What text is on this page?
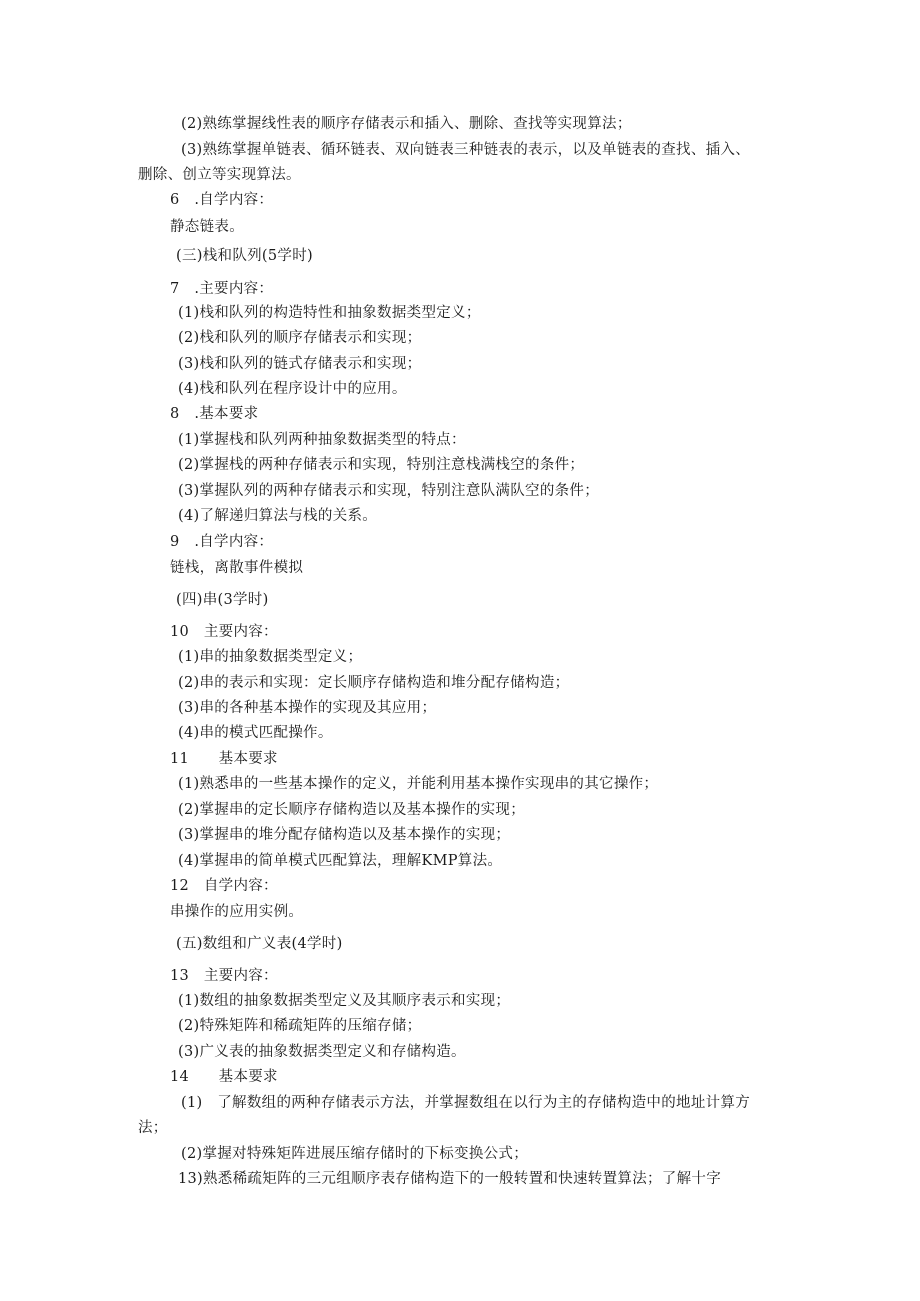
(2)熟练掌握线性表的顺序存储表示和插入、删除、查找等实现算法；
(3)熟练掌握单链表、循环链表、双向链表三种链表的表示，以及单链表的查找、插入、
删除、创立等实现算法。
6　.自学内容：
静态链表。
(三)栈和队列(5学时)
7　.主要内容：
(1)栈和队列的构造特性和抽象数据类型定义；
(2)栈和队列的顺序存储表示和实现；
(3)栈和队列的链式存储表示和实现；
(4)栈和队列在程序设计中的应用。
8　.基本要求
(1)掌握栈和队列两种抽象数据类型的特点：
(2)掌握栈的两种存储表示和实现，特别注意栈满栈空的条件；
(3)掌握队列的两种存储表示和实现，特别注意队满队空的条件；
(4)了解递归算法与栈的关系。
9　.自学内容：
链栈，离散事件模拟
(四)串(3学时)
10　主要内容：
(1)串的抽象数据类型定义；
(2)串的表示和实现：定长顺序存储构造和堆分配存储构造；
(3)串的各种基本操作的实现及其应用；
(4)串的模式匹配操作。
11　　基本要求
(1)熟悉串的一些基本操作的定义，并能利用基本操作实现串的其它操作；
(2)掌握串的定长顺序存储构造以及基本操作的实现；
(3)掌握串的堆分配存储构造以及基本操作的实现；
(4)掌握串的简单模式匹配算法，理解KMP算法。
12　自学内容：
串操作的应用实例。
(五)数组和广义表(4学时)
13　主要内容：
(1)数组的抽象数据类型定义及其顺序表示和实现；
(2)特殊矩阵和稀疏矩阵的压缩存储；
(3)广义表的抽象数据类型定义和存储构造。
14　　基本要求
(1)　了解数组的两种存储表示方法，并掌握数组在以行为主的存储构造中的地址计算方
法；
(2)掌握对特殊矩阵进展压缩存储时的下标变换公式；
13)熟悉稀疏矩阵的三元组顺序表存储构造下的一般转置和快速转置算法；了解十字
